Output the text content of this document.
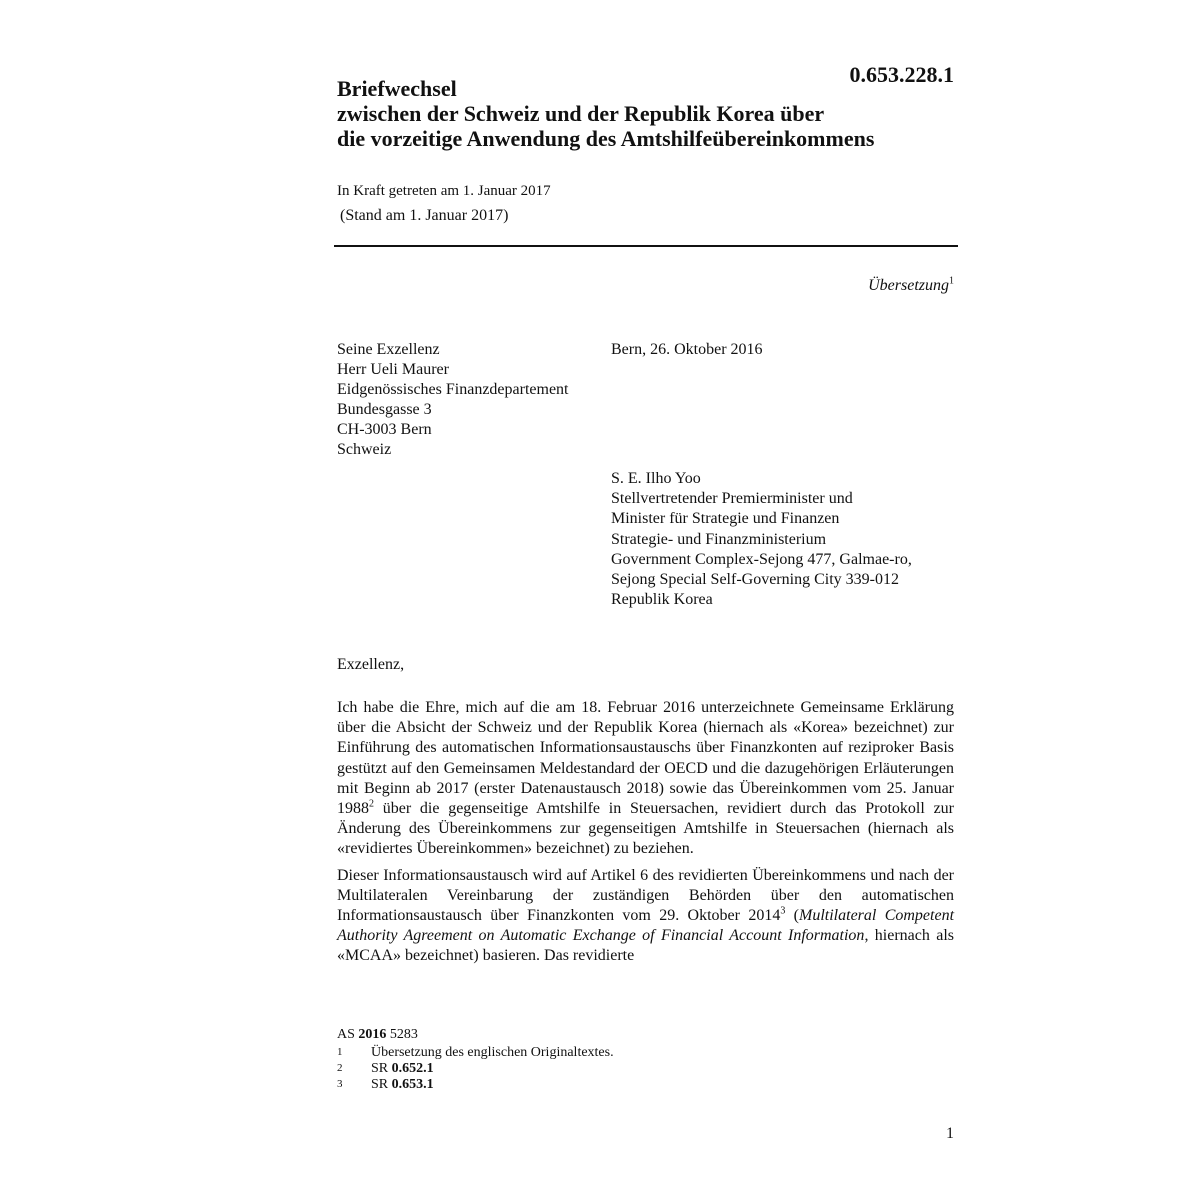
0.653.228.1
Briefwechsel
zwischen der Schweiz und der Republik Korea über
die vorzeitige Anwendung des Amtshilfeübereinkommens
In Kraft getreten am 1. Januar 2017
(Stand am 1. Januar 2017)
Übersetzung$^1$
Seine Exzellenz
Herr Ueli Maurer
Eidgenössisches Finanzdepartement
Bundesgasse 3
CH-3003 Bern
Schweiz
Bern, 26. Oktober 2016
S. E. Ilho Yoo
Stellvertretender Premierminister und
Minister für Strategie und Finanzen
Strategie- und Finanzministerium
Government Complex-Sejong 477, Galmae-ro,
Sejong Special Self-Governing City 339-012
Republik Korea
Exzellenz,

Ich habe die Ehre, mich auf die am 18. Februar 2016 unterzeichnete Gemeinsame Erklärung über die Absicht der Schweiz und der Republik Korea (hiernach als «Korea» bezeichnet) zur Einführung des automatischen Informationsaustauschs über Finanzkonten auf reziproker Basis gestützt auf den Gemeinsamen Meldestandard der OECD und die dazugehörigen Erläuterungen mit Beginn ab 2017 (erster Datenaustausch 2018) sowie das Übereinkommen vom 25. Januar 1988$^2$ über die gegenseitige Amtshilfe in Steuersachen, revidiert durch das Protokoll zur Änderung des Übereinkommens zur gegenseitigen Amtshilfe in Steuersachen (hiernach als «revidiertes Übereinkommen» bezeichnet) zu beziehen.

Dieser Informationsaustausch wird auf Artikel 6 des revidierten Übereinkommens und nach der Multilateralen Vereinbarung der zuständigen Behörden über den automatischen Informationsaustausch über Finanzkonten vom 29. Oktober 2014$^3$ (Multilateral Competent Authority Agreement on Automatic Exchange of Financial Account Information, hiernach als «MCAA» bezeichnet) basieren. Das revidierte

AS 2016 5283
1	Übersetzung des englischen Originaltextes.
2	SR 0.652.1
3	SR 0.653.1
1
